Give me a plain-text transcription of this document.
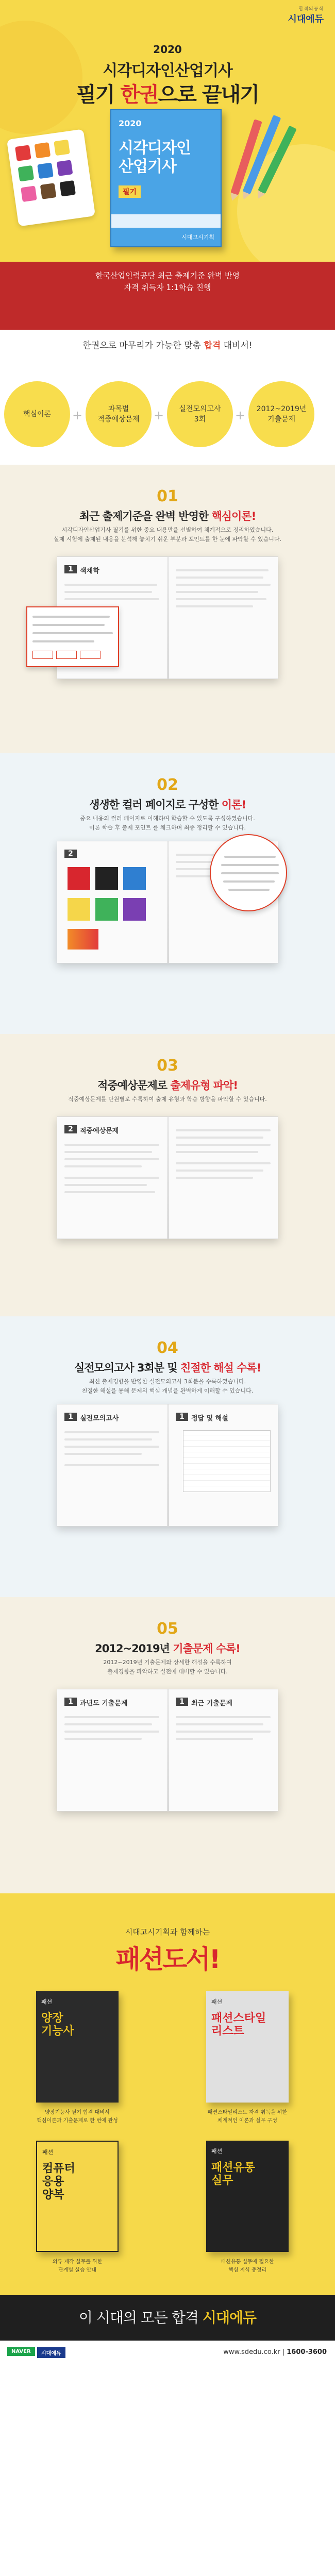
합격의공식
시대에듀
2020
시각디자인산업기사
필기 한권으로 끝내기
2020
시각디자인
산업기사
필기
시대고시기획

한국산업인력공단 최근 출제기준 완벽 반영
자격 취득자 1:1학습 진행

한권으로 마무리가 가능한 맞춤 합격 대비서!
핵심이론 +	과목별
적중예상문제 + 실전모의고사
3회	+ 2012~2019년
기출문제
01
최근 출제기준을 완벽 반영한 핵심이론!
시각디자인산업기사 필기를 위한 중요 내용만을 선별하여 체계적으로 정리하였습니다.
실제 시험에 출제된 내용을 분석해 놓치기 쉬운 부분과 포인트를 한 눈에 파악할 수 있습니다.
1	색채학
02
생생한 컬러 페이지로 구성한 이론!
중요 내용의 컬러 페이지로 이해하며 학습할 수 있도록 구성하였습니다.
이론 학습 후 출제 포인트 를 체크하며 최종 정리할 수 있습니다.
2
03
적중예상문제로 출제유형 파악!
적중예상문제를 단원별로 수록하여 출제 유형과 학습 방향을 파악할 수 있습니다.
2	적중예상문제
04
실전모의고사 3회분 및 친절한 해설 수록!
최신 출제경향을 반영한 실전모의고사 3회분을 수록하였습니다.
친절한 해설을 통해 문제의 핵심 개념을 완벽하게 이해할 수 있습니다.
1	실전모의고사	1	정답 및 해설
05
2012~2019년 기출문제 수록!
2012~2019년 기출문제와 상세한 해설을 수록하여
출제경향을 파악하고 실전에 대비할 수 있습니다.
1	과년도 기출문제	1	최근 기출문제
시대고시기획과 함께하는
패션도서!
패션
양장
기능사
패션
패션스타일
리스트
양장기능사 필기 합격 대비서
핵심이론과 기출문제로 한 번에 완성
패션스타일리스트 자격 취득을 위한
체계적인 이론과 실무 구성
패션
컴퓨터
응용
양복
패션
패션유통
실무
의류 제작 실무를 위한
단계별 실습 안내
패션유통 실무에 필요한
핵심 지식 총정리
이 시대의 모든 합격 시대에듀
NAVER	시대에듀	www.sdedu.co.kr | 1600-3600
